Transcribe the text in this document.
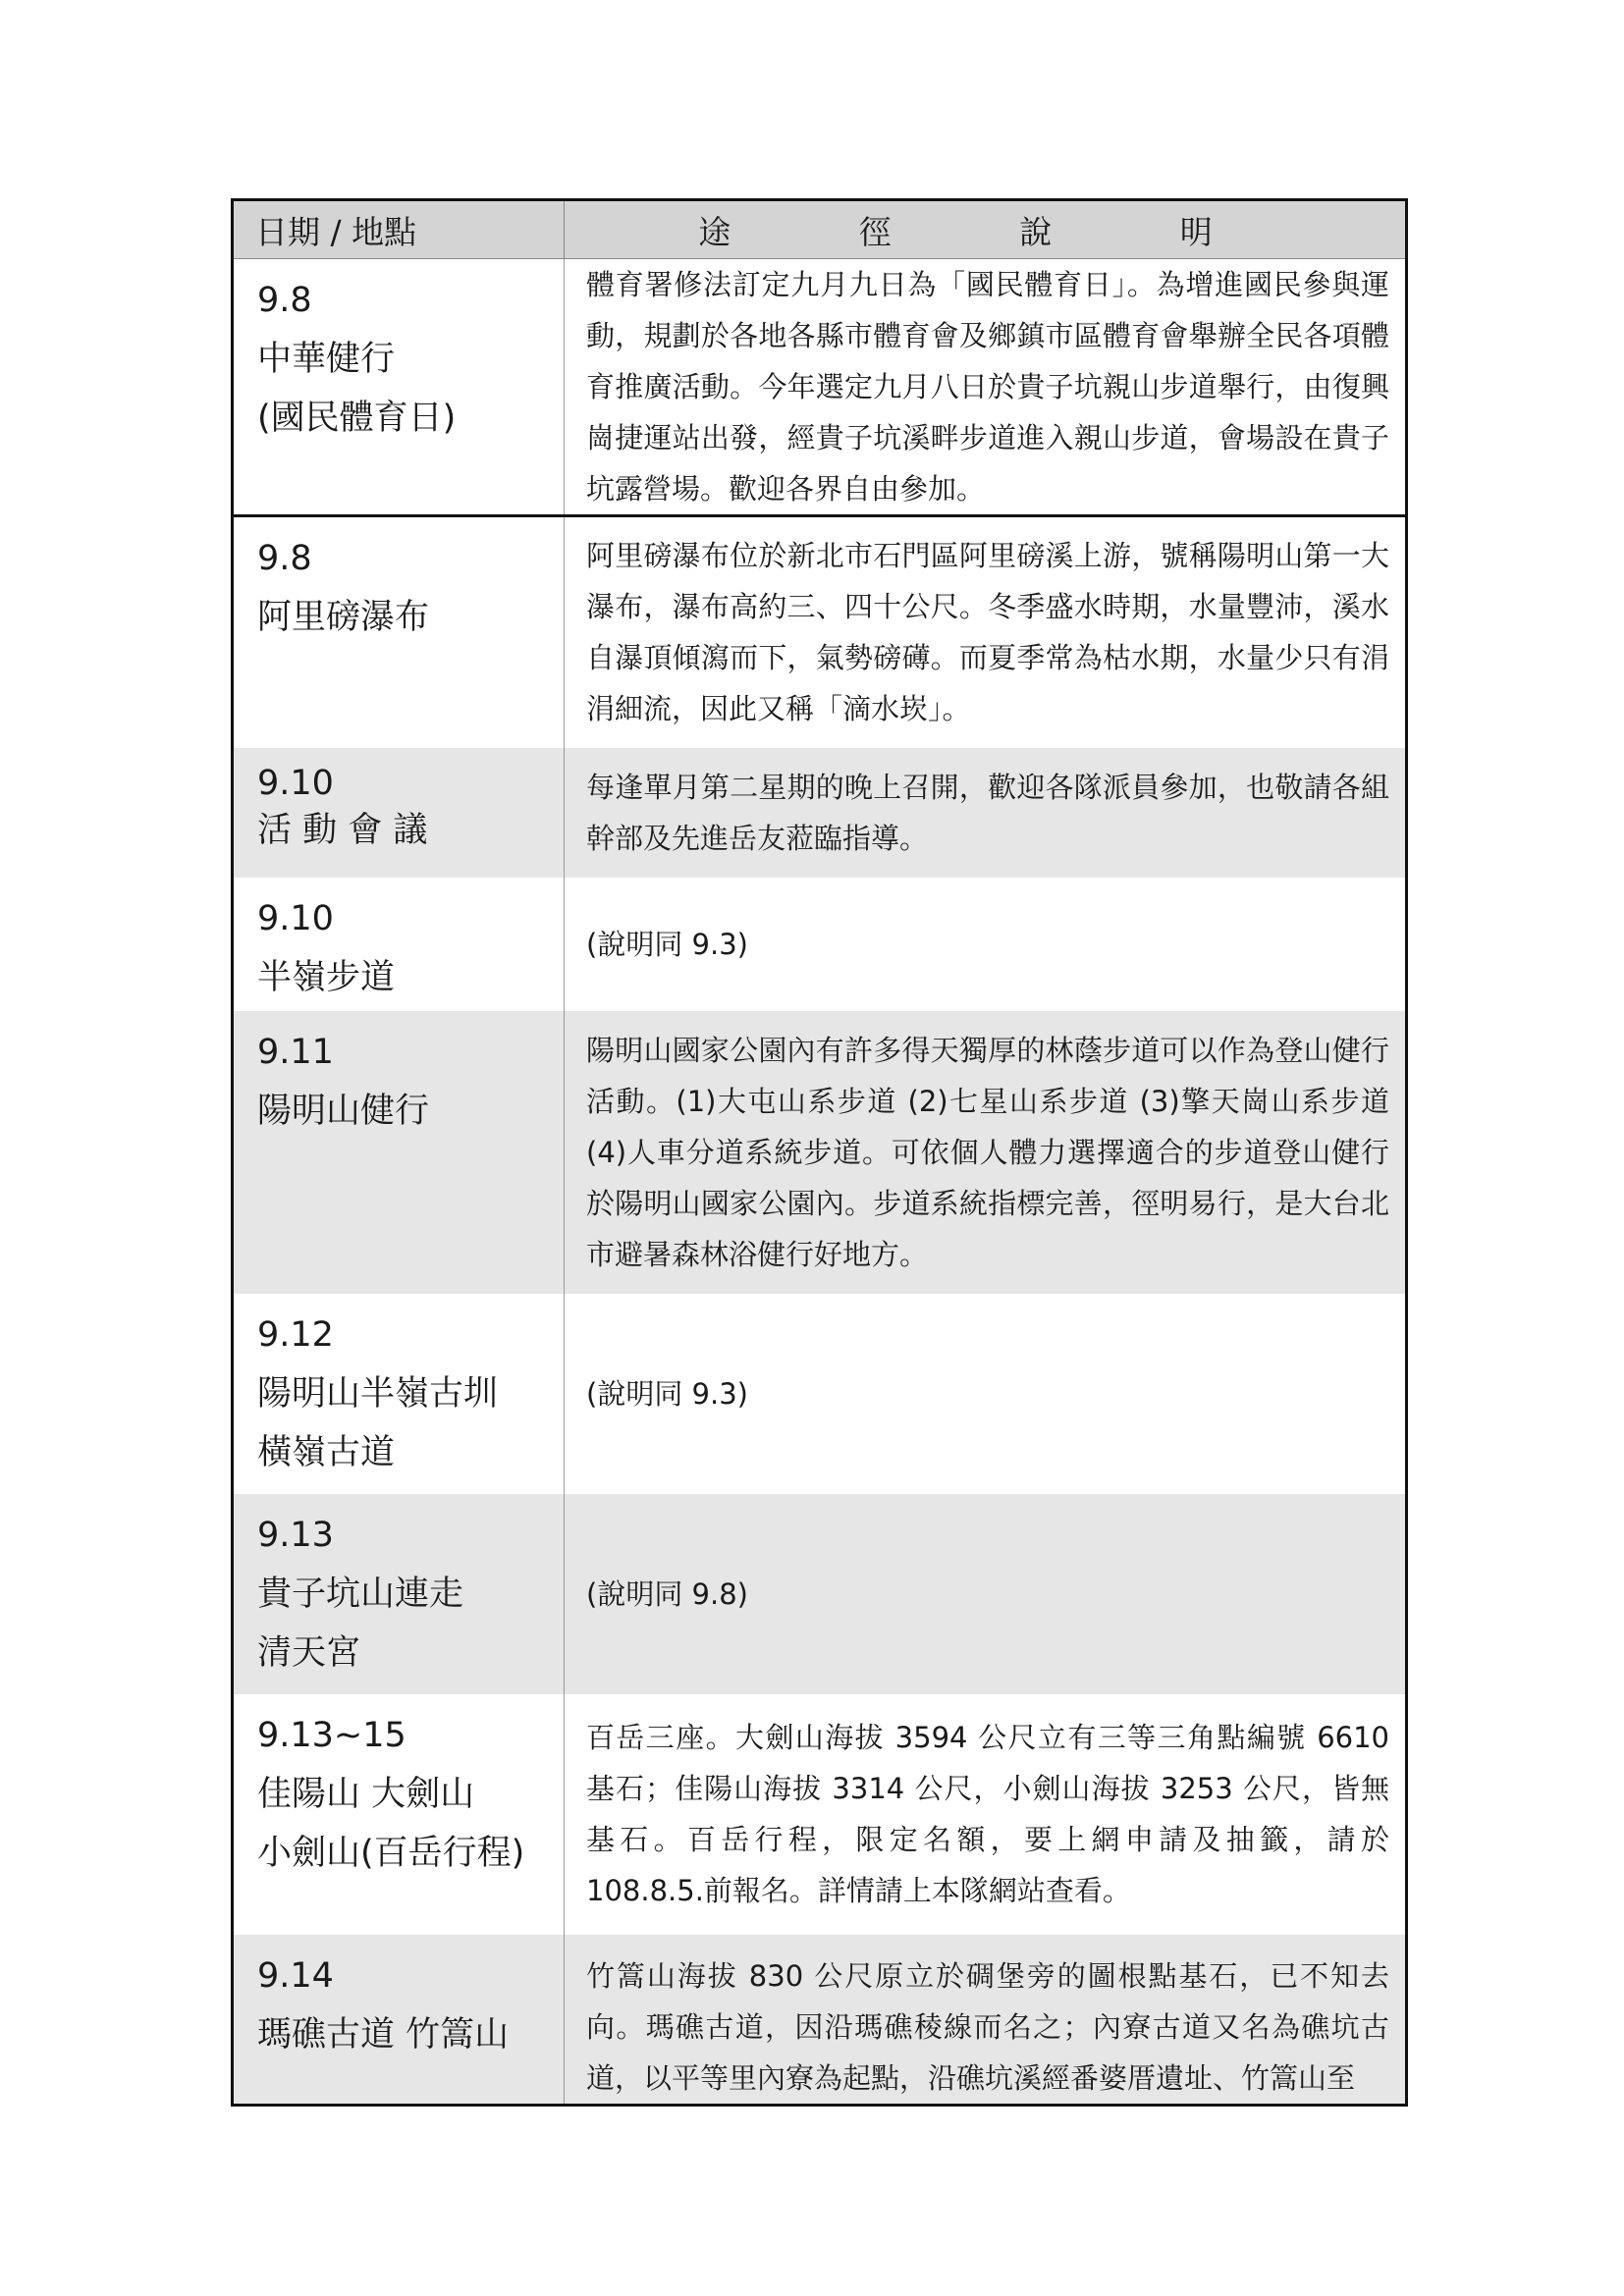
日期 / 地點	途 徑 說 明

9.8
中華健行
(國民體育日)	體育署修法訂定九月九日為「國民體育日」。為增進國民參與運動，規劃於各地各縣市體育會及鄉鎮市區體育會舉辦全民各項體育推廣活動。今年選定九月八日於貴子坑親山步道舉行，由復興崗捷運站出發，經貴子坑溪畔步道進入親山步道，會場設在貴子坑露營場。歡迎各界自由參加。

9.8
阿里磅瀑布	阿里磅瀑布位於新北市石門區阿里磅溪上游，號稱陽明山第一大瀑布，瀑布高約三、四十公尺。冬季盛水時期，水量豐沛，溪水自瀑頂傾瀉而下，氣勢磅礡。而夏季常為枯水期，水量少只有涓涓細流，因此又稱「滴水崁」。

9.10
活 動 會 議	每逢單月第二星期的晚上召開，歡迎各隊派員參加，也敬請各組幹部及先進岳友蒞臨指導。

9.10
半嶺步道	(說明同 9.3)

9.11
陽明山健行	陽明山國家公園內有許多得天獨厚的林蔭步道可以作為登山健行活動。(1)大屯山系步道 (2)七星山系步道 (3)擎天崗山系步道 (4)人車分道系統步道。可依個人體力選擇適合的步道登山健行於陽明山國家公園內。步道系統指標完善，徑明易行，是大台北市避暑森林浴健行好地方。

9.12
陽明山半嶺古圳
橫嶺古道	(說明同 9.3)

9.13
貴子坑山連走
清天宮	(說明同 9.8)

9.13~15
佳陽山 大劍山
小劍山(百岳行程)	百岳三座。大劍山海拔 3594 公尺立有三等三角點編號 6610 基石；佳陽山海拔 3314 公尺，小劍山海拔 3253 公尺，皆無基石。百岳行程，限定名額，要上網申請及抽籤，請於 108.8.5.前報名。詳情請上本隊網站查看。

9.14
瑪礁古道 竹篙山	竹篙山海拔 830 公尺原立於碉堡旁的圖根點基石，已不知去向。瑪礁古道，因沿瑪礁稜線而名之；內寮古道又名為礁坑古道，以平等里內寮為起點，沿礁坑溪經番婆厝遺址、竹篙山至
